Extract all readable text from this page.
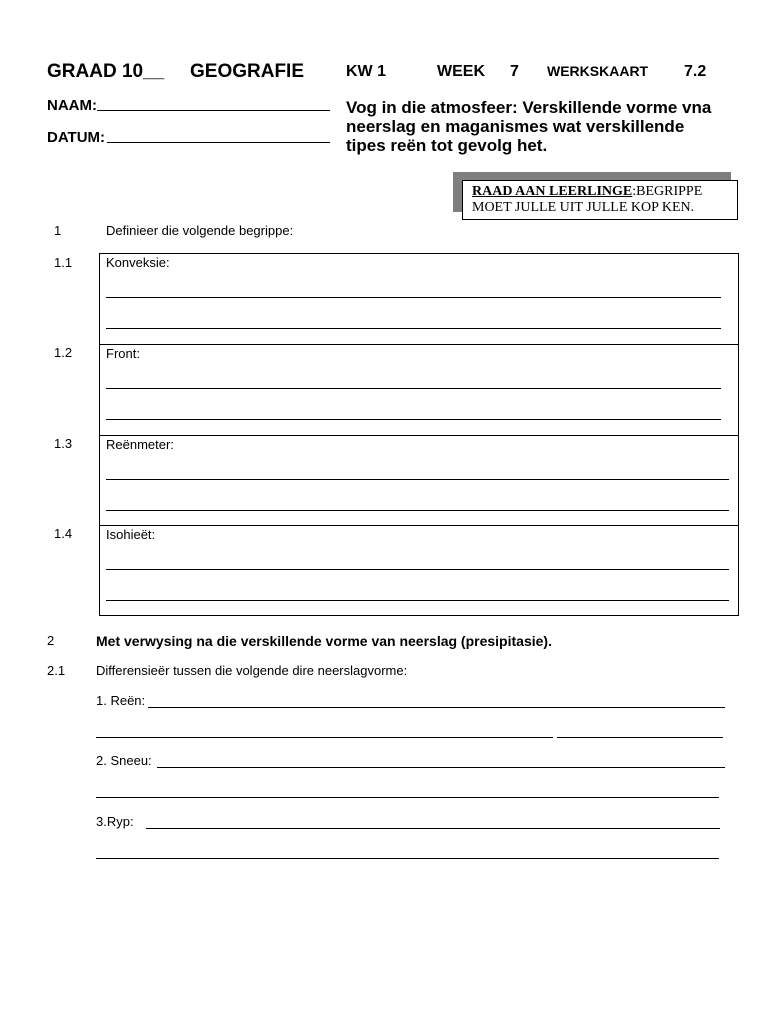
GRAAD 10__ GEOGRAFIE	KW 1	WEEK 7 WERKSKAART 7.2
NAAM:
DATUM:
Vog in die atmosfeer: Verskillende vorme vna neerslag en maganismes wat verskillende tipes reën tot gevolg het.
RAAD AAN LEERLINGE:BEGRIPPE MOET JULLE UIT JULLE KOP KEN.
1	Definieer die volgende begrippe:
1.1	Konveksie:
1.2	Front:
1.3	Reënmeter:
1.4	Isohieët:
2	Met verwysing na die verskillende vorme van neerslag (presipitasie).
2.1 Differensieër tussen die volgende dire neerslagvorme:
1. Reën:
2. Sneeu:
3.Ryp:
